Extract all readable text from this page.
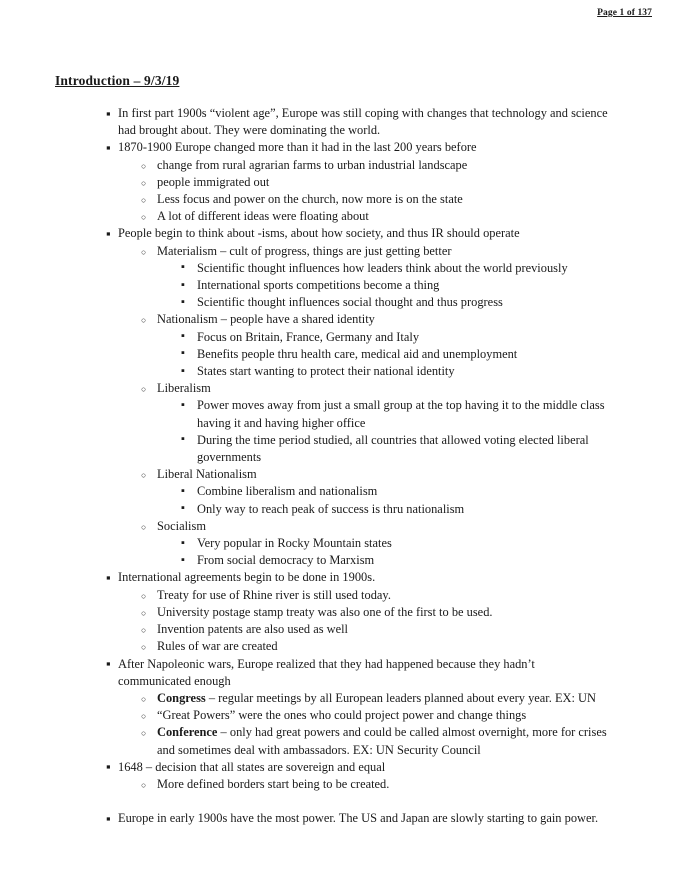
Page 1 of 137
Introduction – 9/3/19
▪ In first part 1900s “violent age”, Europe was still coping with changes that technology and science had brought about. They were dominating the world.
▪ 1870-1900 Europe changed more than it had in the last 200 years before
○ change from rural agrarian farms to urban industrial landscape
○ people immigrated out
○ Less focus and power on the church, now more is on the state
○ A lot of different ideas were floating about
▪ People begin to think about -isms, about how society, and thus IR should operate
○ Materialism – cult of progress, things are just getting better
▪ Scientific thought influences how leaders think about the world previously
▪ International sports competitions become a thing
▪ Scientific thought influences social thought and thus progress
○ Nationalism – people have a shared identity
▪ Focus on Britain, France, Germany and Italy
▪ Benefits people thru health care, medical aid and unemployment
▪ States start wanting to protect their national identity
○ Liberalism
▪ Power moves away from just a small group at the top having it to the middle class having it and having higher office
▪ During the time period studied, all countries that allowed voting elected liberal governments
○ Liberal Nationalism
▪ Combine liberalism and nationalism
▪ Only way to reach peak of success is thru nationalism
○ Socialism
▪ Very popular in Rocky Mountain states
▪ From social democracy to Marxism
▪ International agreements begin to be done in 1900s.
○ Treaty for use of Rhine river is still used today.
○ University postage stamp treaty was also one of the first to be used.
○ Invention patents are also used as well
○ Rules of war are created
▪ After Napoleonic wars, Europe realized that they had happened because they hadn’t communicated enough
○ Congress – regular meetings by all European leaders planned about every year. EX: UN
○ “Great Powers” were the ones who could project power and change things
○ Conference – only had great powers and could be called almost overnight, more for crises and sometimes deal with ambassadors. EX: UN Security Council
▪ 1648 – decision that all states are sovereign and equal
○ More defined borders start being to be created.
▪ Europe in early 1900s have the most power. The US and Japan are slowly starting to gain power.
